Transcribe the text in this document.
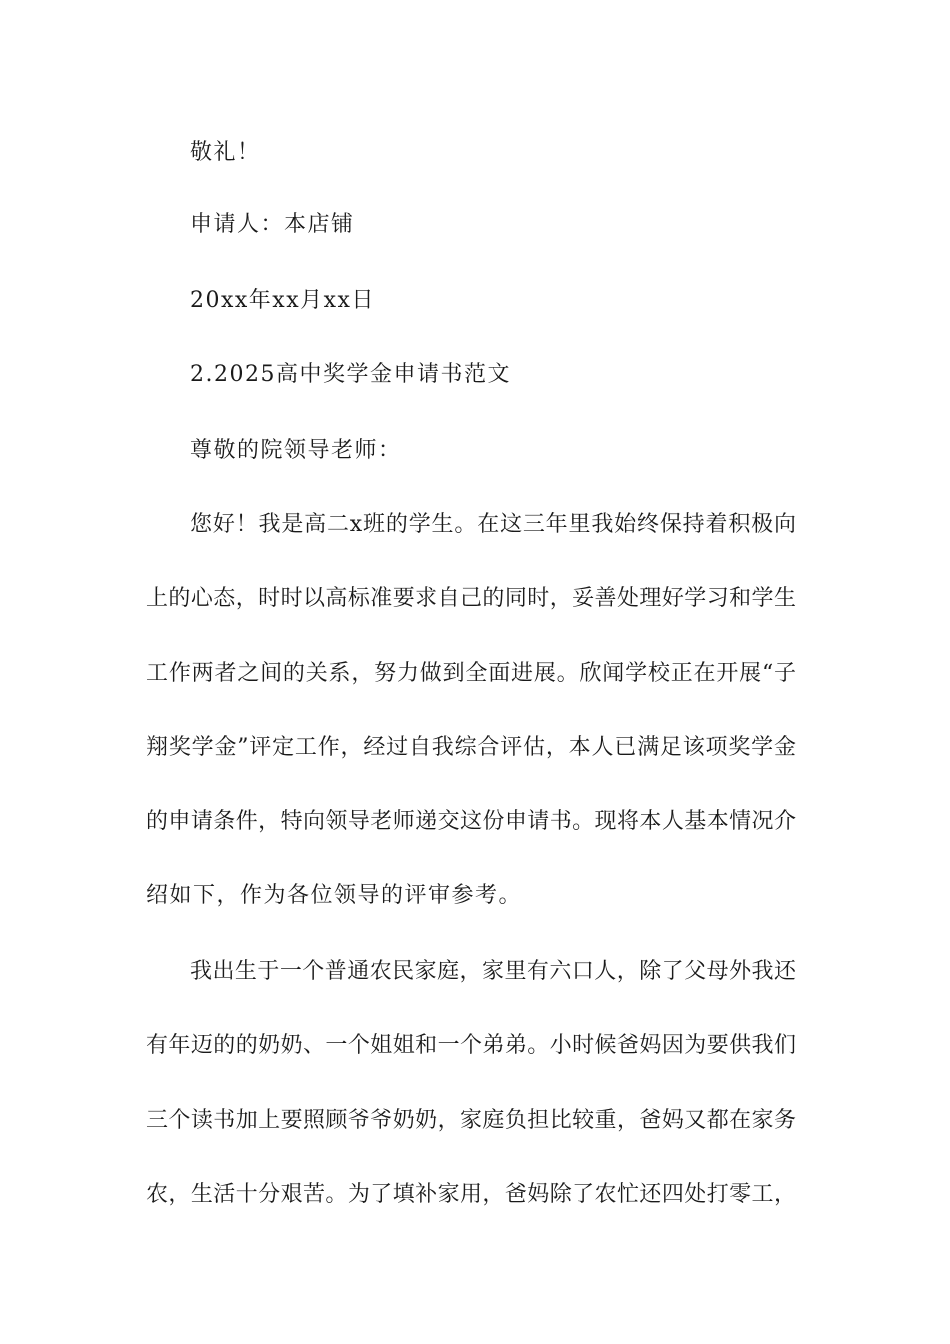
敬礼！
申请人：本店铺
20xx年xx月xx日
2.2025高中奖学金申请书范文
尊敬的院领导老师：
您好！我是高二x班的学生。在这三年里我始终保持着积极向
上的心态，时时以高标准要求自己的同时，妥善处理好学习和学生
工作两者之间的关系，努力做到全面进展。欣闻学校正在开展“子
翔奖学金”评定工作，经过自我综合评估，本人已满足该项奖学金
的申请条件，特向领导老师递交这份申请书。现将本人基本情况介
绍如下，作为各位领导的评审参考。
我出生于一个普通农民家庭，家里有六口人，除了父母外我还
有年迈的的奶奶、一个姐姐和一个弟弟。小时候爸妈因为要供我们
三个读书加上要照顾爷爷奶奶，家庭负担比较重，爸妈又都在家务
农，生活十分艰苦。为了填补家用，爸妈除了农忙还四处打零工，
